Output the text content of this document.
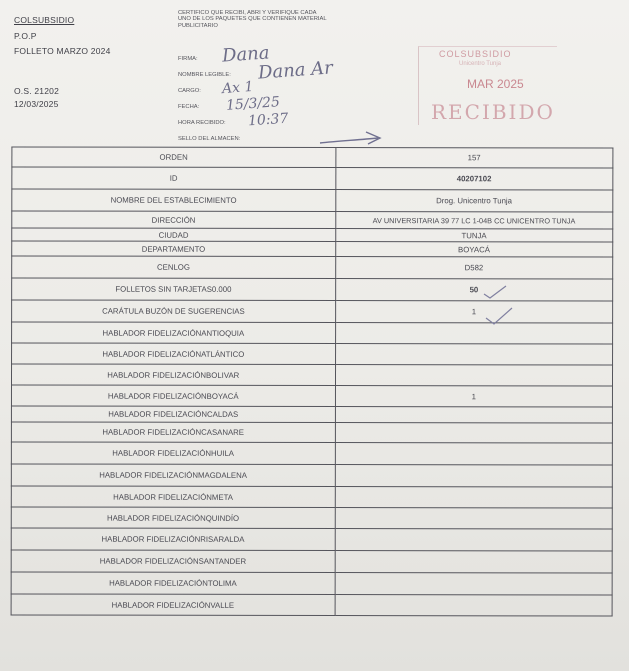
COLSUBSIDIO
P.O.P
FOLLETO MARZO 2024
O.S. 21202
12/03/2025
CERTIFICO QUE RECIBI, ABRI Y VERIFIQUE CADA UNO DE LOS PAQUETES QUE CONTIENEN MATERIAL PUBLICITARIO
FIRMA:
NOMBRE LEGIBLE:
CARGO:
FECHA:
HORA RECIBIDO:
SELLO DEL ALMACEN:
Dana
Dana Ar
Ax 1
15/3/25
10:37
COLSUBSIDIO
Unicentro Tunja
MAR 2025
RECIBIDO
ORDEN	157
ID	40207102
NOMBRE DEL ESTABLECIMIENTO	Drog. Unicentro Tunja
DIRECCIÓN	AV UNIVERSITARIA 39 77 LC 1-04B CC UNICENTRO TUNJA
CIUDAD	TUNJA
DEPARTAMENTO	BOYACÁ
CENLOG	D582
FOLLETOS SIN TARJETAS0.000	50
CARÁTULA BUZÓN DE SUGERENCIAS	1
HABLADOR FIDELIZACIÓNANTIOQUIA	
HABLADOR FIDELIZACIÓNATLÁNTICO	
HABLADOR FIDELIZACIÓNBOLIVAR	
HABLADOR FIDELIZACIÓNBOYACÁ	1
HABLADOR FIDELIZACIÓNCALDAS	
HABLADOR FIDELIZACIÓNCASANARE	
HABLADOR FIDELIZACIÓNHUILA	
HABLADOR FIDELIZACIÓNMAGDALENA	
HABLADOR FIDELIZACIÓNMETA	
HABLADOR FIDELIZACIÓNQUINDÍO	
HABLADOR FIDELIZACIÓNRISARALDA	
HABLADOR FIDELIZACIÓNSANTANDER	
HABLADOR FIDELIZACIÓNTOLIMA	
HABLADOR FIDELIZACIÓNVALLE	
